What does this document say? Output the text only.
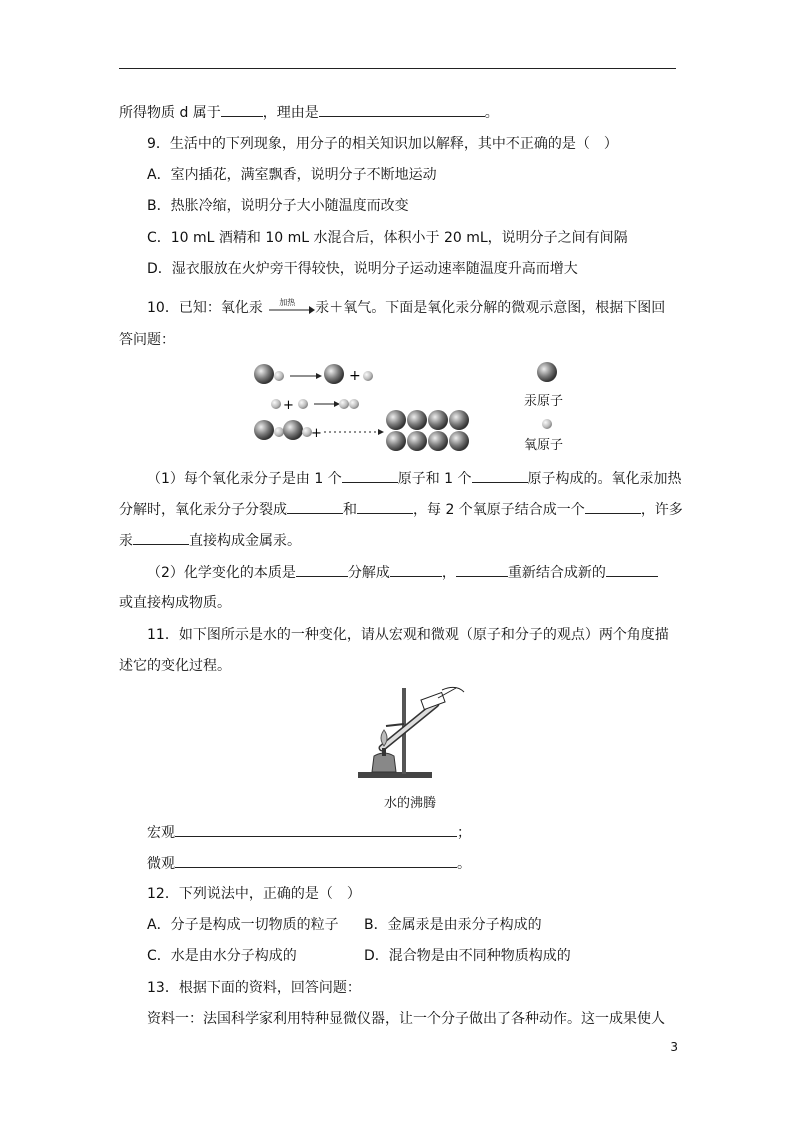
所得物质 d 属于	，理由是	。
9．生活中的下列现象，用分子的相关知识加以解释，其中不正确的是（　）
A．室内插花，满室飘香，说明分子不断地运动
B．热胀冷缩，说明分子大小随温度而改变
C．10 mL 酒精和 10 mL 水混合后，体积小于 20 mL，说明分子之间有间隔
D．湿衣服放在火炉旁干得较快，说明分子运动速率随温度升高而增大
10．已知：氧化汞 加热 汞＋氧气。下面是氧化汞分解的微观示意图，根据下图回
答问题：
+
+
+
汞原子
氧原子
（1）每个氧化汞分子是由 1 个	原子和 1 个	原子构成的。氧化汞加热
分解时，氧化汞分子分裂成	和	，每 2 个氧原子结合成一个	，许多
汞	直接构成金属汞。
（2）化学变化的本质是	分解成	，	重新结合成新的
或直接构成物质。
11．如下图所示是水的一种变化，请从宏观和微观（原子和分子的观点）两个角度描
述它的变化过程。
水的沸腾
宏观	；
微观	。
12．下列说法中，正确的是（　）
A．分子是构成一切物质的粒子 B．金属汞是由汞分子构成的
C．水是由水分子构成的	D．混合物是由不同种物质构成的
13．根据下面的资料，回答问题：
资料一：法国科学家利用特种显微仪器，让一个分子做出了各种动作。这一成果使人
3
